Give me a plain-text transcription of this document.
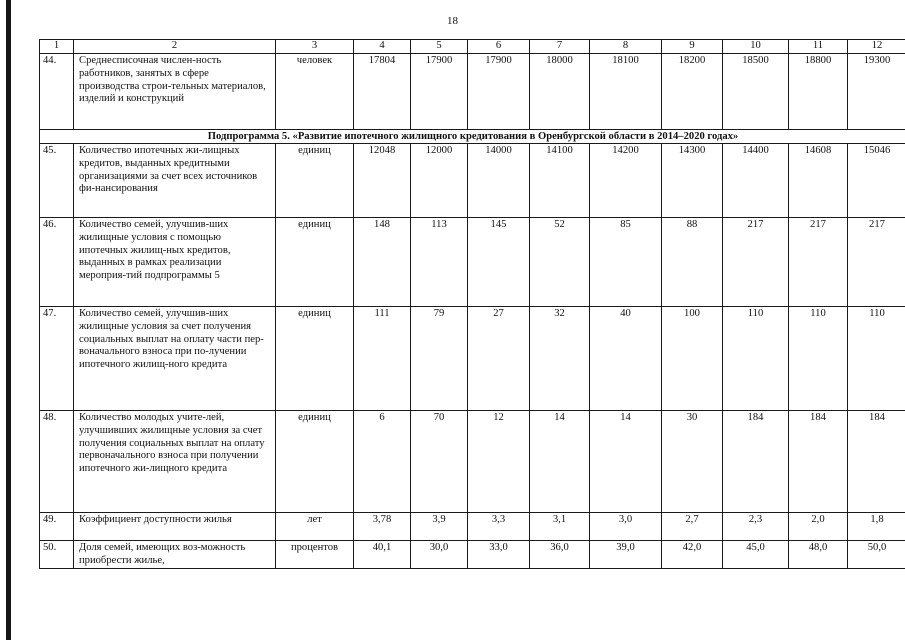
18
1	2	3	4	5	6	7	8	9	10	11	12
44.	Среднесписочная числен-ность работников, занятых в сфере производства строи-тельных материалов, изделий и конструкций	человек	17804	17900	17900	18000	18100	18200	18500	18800	19300
Подпрограмма 5. «Развитие ипотечного жилищного кредитования в Оренбургской области в 2014–2020 годах»											
45.	Количество ипотечных жи-лищных кредитов, выданных кредитными организациями за счет всех источников фи-нансирования	единиц	12048	12000	14000	14100	14200	14300	14400	14608	15046
46.	Количество семей, улучшив-ших жилищные условия с помощью ипотечных жилищ-ных кредитов, выданных в рамках реализации мероприя-тий подпрограммы 5	единиц	148	113	145	52	85	88	217	217	217
47.	Количество семей, улучшив-ших жилищные условия за счет получения социальных выплат на оплату части пер-воначального взноса при по-лучении ипотечного жилищ-ного кредита	единиц	111	79	27	32	40	100	110	110	110
48.	Количество молодых учите-лей, улучшивших жилищные условия за счет получения социальных выплат на оплату первоначального взноса при получении ипотечного жи-лищного кредита	единиц	6	70	12	14	14	30	184	184	184
49.	Коэффициент доступности жилья	лет	3,78	3,9	3,3	3,1	3,0	2,7	2,3	2,0	1,8
50.	Доля семей, имеющих воз-можность приобрести жилье,	процентов	40,1	30,0	33,0	36,0	39,0	42,0	45,0	48,0	50,0
